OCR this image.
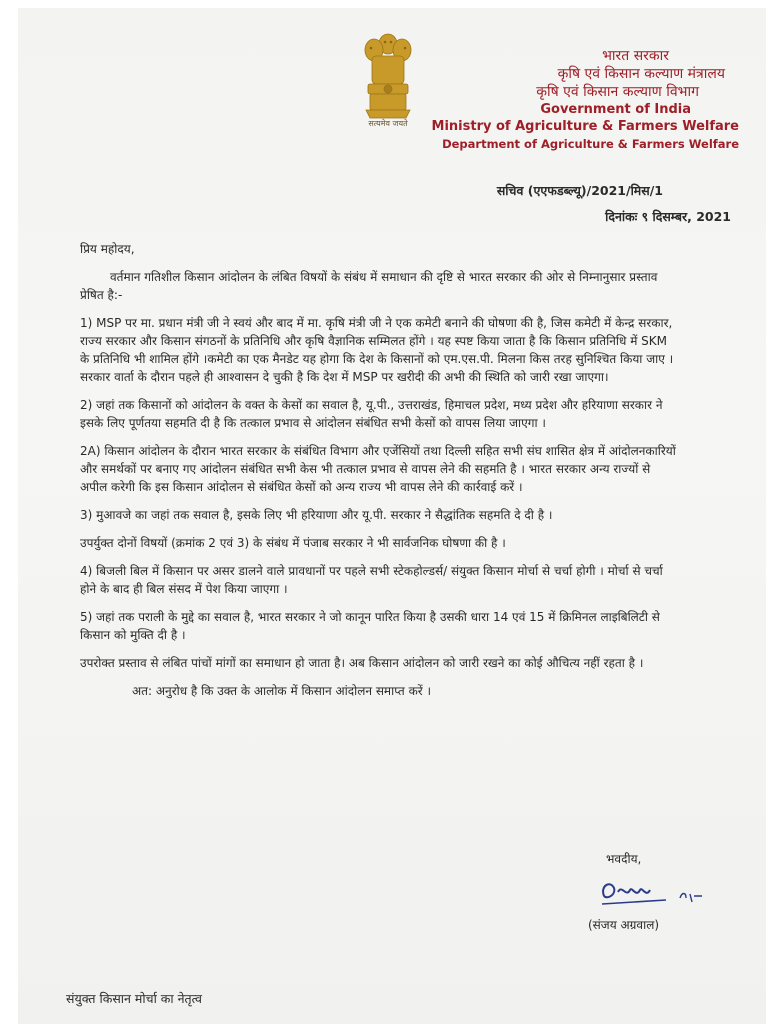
सत्यमेव जयते
भारत सरकार
कृषि एवं किसान कल्याण मंत्रालय
कृषि एवं किसान कल्याण विभाग
Government of India
Ministry of Agriculture & Farmers Welfare
Department of Agriculture & Farmers Welfare
सचिव (एएफडब्ल्यू)/2021/मिस/1
दिनांकः ९ दिसम्बर, 2021

प्रिय महोदय,

वर्तमान गतिशील किसान आंदोलन के लंबित विषयों के संबंध में समाधान की दृष्टि से भारत सरकार की ओर से निम्नानुसार प्रस्ताव प्रेषित है:-

1) MSP पर मा. प्रधान मंत्री जी ने स्वयं और बाद में मा. कृषि मंत्री जी ने एक कमेटी बनाने की घोषणा की है, जिस कमेटी में केन्द्र सरकार, राज्य सरकार और किसान संगठनों के प्रतिनिधि और कृषि वैज्ञानिक सम्मिलत होंगे । यह स्पष्ट किया जाता है कि किसान प्रतिनिधि में SKM के प्रतिनिधि भी शामिल होंगे ।कमेटी का एक मैनडेट यह होगा कि देश के किसानों को एम.एस.पी. मिलना किस तरह सुनिश्चित किया जाए । सरकार वार्ता के दौरान पहले ही आश्वासन दे चुकी है कि देश में MSP पर खरीदी की अभी की स्थिति को जारी रखा जाएगा।

2) जहां तक किसानों को आंदोलन के वक्त के केसों का सवाल है, यू.पी., उत्तराखंड, हिमाचल प्रदेश, मध्य प्रदेश और हरियाणा सरकार ने इसके लिए पूर्णतया सहमति दी है कि तत्काल प्रभाव से आंदोलन संबंधित सभी केसों को वापस लिया जाएगा ।

2A) किसान आंदोलन के दौरान भारत सरकार के संबंधित विभाग और एजेंसियों तथा दिल्ली सहित सभी संघ शासित क्षेत्र में आंदोलनकारियों और समर्थकों पर बनाए गए आंदोलन संबंधित सभी केस भी तत्काल प्रभाव से वापस लेने की सहमति है । भारत सरकार अन्य राज्यों से अपील करेगी कि इस किसान आंदोलन से संबंधित केसों को अन्य राज्य भी वापस लेने की कार्रवाई करें ।

3) मुआवजे का जहां तक सवाल है, इसके लिए भी हरियाणा और यू.पी. सरकार ने सैद्धांतिक सहमति दे दी है ।

उपर्युक्त दोनों विषयों (क्रमांक 2 एवं 3) के संबंध में पंजाब सरकार ने भी सार्वजनिक घोषणा की है ।

4) बिजली बिल में किसान पर असर डालने वाले प्रावधानों पर पहले सभी स्टेकहोल्डर्स/ संयुक्त किसान मोर्चा से चर्चा होगी । मोर्चा से चर्चा होने के बाद ही बिल संसद में पेश किया जाएगा ।

5) जहां तक पराली के मुद्दे का सवाल है, भारत सरकार ने जो कानून पारित किया है उसकी धारा 14 एवं 15 में क्रिमिनल लाइबिलिटी से किसान को मुक्ति दी है ।

उपरोक्त प्रस्ताव से लंबित पांचों मांगों का समाधान हो जाता है। अब किसान आंदोलन को जारी रखने का कोई औचित्य नहीं रहता है ।

अत: अनुरोध है कि उक्त के आलोक में किसान आंदोलन समाप्त करें ।

भवदीय,
(संजय अग्रवाल)
संयुक्त किसान मोर्चा का नेतृत्व
